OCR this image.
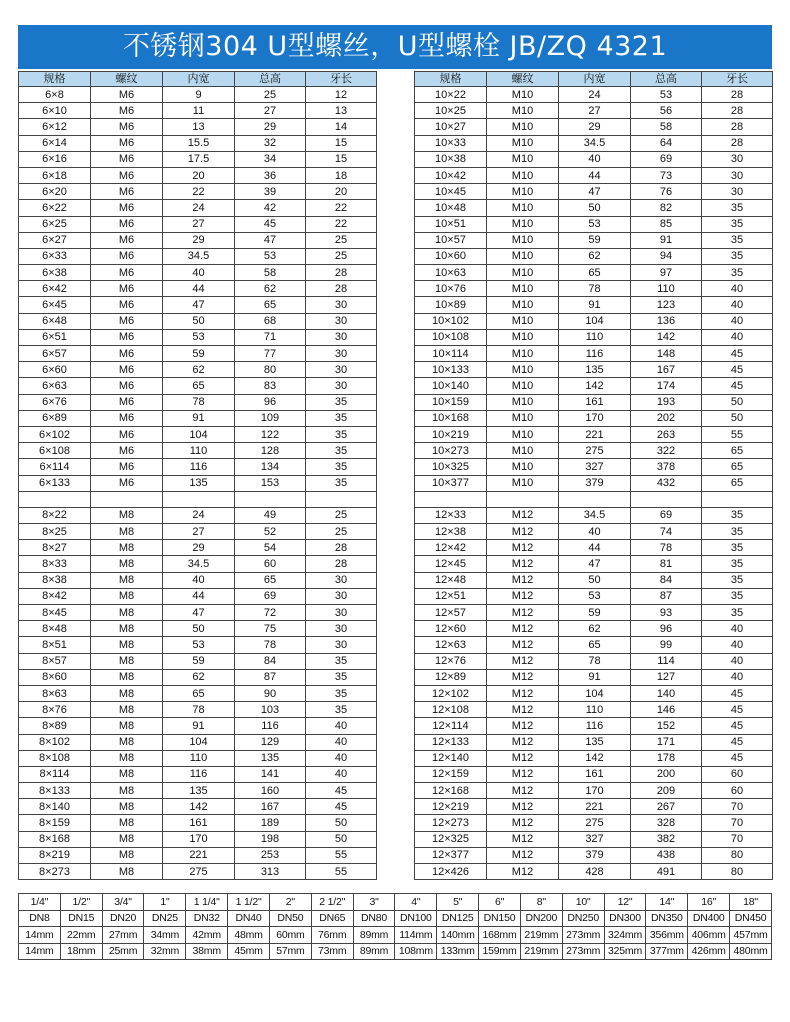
不锈钢304 U型螺丝，U型螺栓 JB/ZQ 4321
规格	螺纹	内宽	总高	牙长
6×8	M6	9	25	12
6×10	M6	11	27	13
6×12	M6	13	29	14
6×14	M6	15.5	32	15
6×16	M6	17.5	34	15
6×18	M6	20	36	18
6×20	M6	22	39	20
6×22	M6	24	42	22
6×25	M6	27	45	22
6×27	M6	29	47	25
6×33	M6	34.5	53	25
6×38	M6	40	58	28
6×42	M6	44	62	28
6×45	M6	47	65	30
6×48	M6	50	68	30
6×51	M6	53	71	30
6×57	M6	59	77	30
6×60	M6	62	80	30
6×63	M6	65	83	30
6×76	M6	78	96	35
6×89	M6	91	109	35
6×102	M6	104	122	35
6×108	M6	110	128	35
6×114	M6	116	134	35
6×133	M6	135	153	35

8×22	M8	24	49	25
8×25	M8	27	52	25
8×27	M8	29	54	28
8×33	M8	34.5	60	28
8×38	M8	40	65	30
8×42	M8	44	69	30
8×45	M8	47	72	30
8×48	M8	50	75	30
8×51	M8	53	78	30
8×57	M8	59	84	35
8×60	M8	62	87	35
8×63	M8	65	90	35
8×76	M8	78	103	35
8×89	M8	91	116	40
8×102	M8	104	129	40
8×108	M8	110	135	40
8×114	M8	116	141	40
8×133	M8	135	160	45
8×140	M8	142	167	45
8×159	M8	161	189	50
8×168	M8	170	198	50
8×219	M8	221	253	55
8×273	M8	275	313	55
规格	螺纹	内宽	总高	牙长
10×22	M10	24	53	28
10×25	M10	27	56	28
10×27	M10	29	58	28
10×33	M10	34.5	64	28
10×38	M10	40	69	30
10×42	M10	44	73	30
10×45	M10	47	76	30
10×48	M10	50	82	35
10×51	M10	53	85	35
10×57	M10	59	91	35
10×60	M10	62	94	35
10×63	M10	65	97	35
10×76	M10	78	110	40
10×89	M10	91	123	40
10×102	M10	104	136	40
10×108	M10	110	142	40
10×114	M10	116	148	45
10×133	M10	135	167	45
10×140	M10	142	174	45
10×159	M10	161	193	50
10×168	M10	170	202	50
10×219	M10	221	263	55
10×273	M10	275	322	65
10×325	M10	327	378	65
10×377	M10	379	432	65

12×33	M12	34.5	69	35
12×38	M12	40	74	35
12×42	M12	44	78	35
12×45	M12	47	81	35
12×48	M12	50	84	35
12×51	M12	53	87	35
12×57	M12	59	93	35
12×60	M12	62	96	40
12×63	M12	65	99	40
12×76	M12	78	114	40
12×89	M12	91	127	40
12×102	M12	104	140	45
12×108	M12	110	146	45
12×114	M12	116	152	45
12×133	M12	135	171	45
12×140	M12	142	178	45
12×159	M12	161	200	60
12×168	M12	170	209	60
12×219	M12	221	267	70
12×273	M12	275	328	70
12×325	M12	327	382	70
12×377	M12	379	438	80
12×426	M12	428	491	80
1/4"	1/2"	3/4"	1"	1 1/4"	1 1/2"	2"	2 1/2"	3"	4"	5"	6"	8"	10"	12"	14"	16"	18"
DN8	DN15	DN20	DN25	DN32	DN40	DN50	DN65	DN80	DN100	DN125	DN150	DN200	DN250	DN300	DN350	DN400	DN450
14mm	22mm	27mm	34mm	42mm	48mm	60mm	76mm	89mm	114mm	140mm	168mm	219mm	273mm	324mm	356mm	406mm	457mm
14mm	18mm	25mm	32mm	38mm	45mm	57mm	73mm	89mm	108mm	133mm	159mm	219mm	273mm	325mm	377mm	426mm	480mm
